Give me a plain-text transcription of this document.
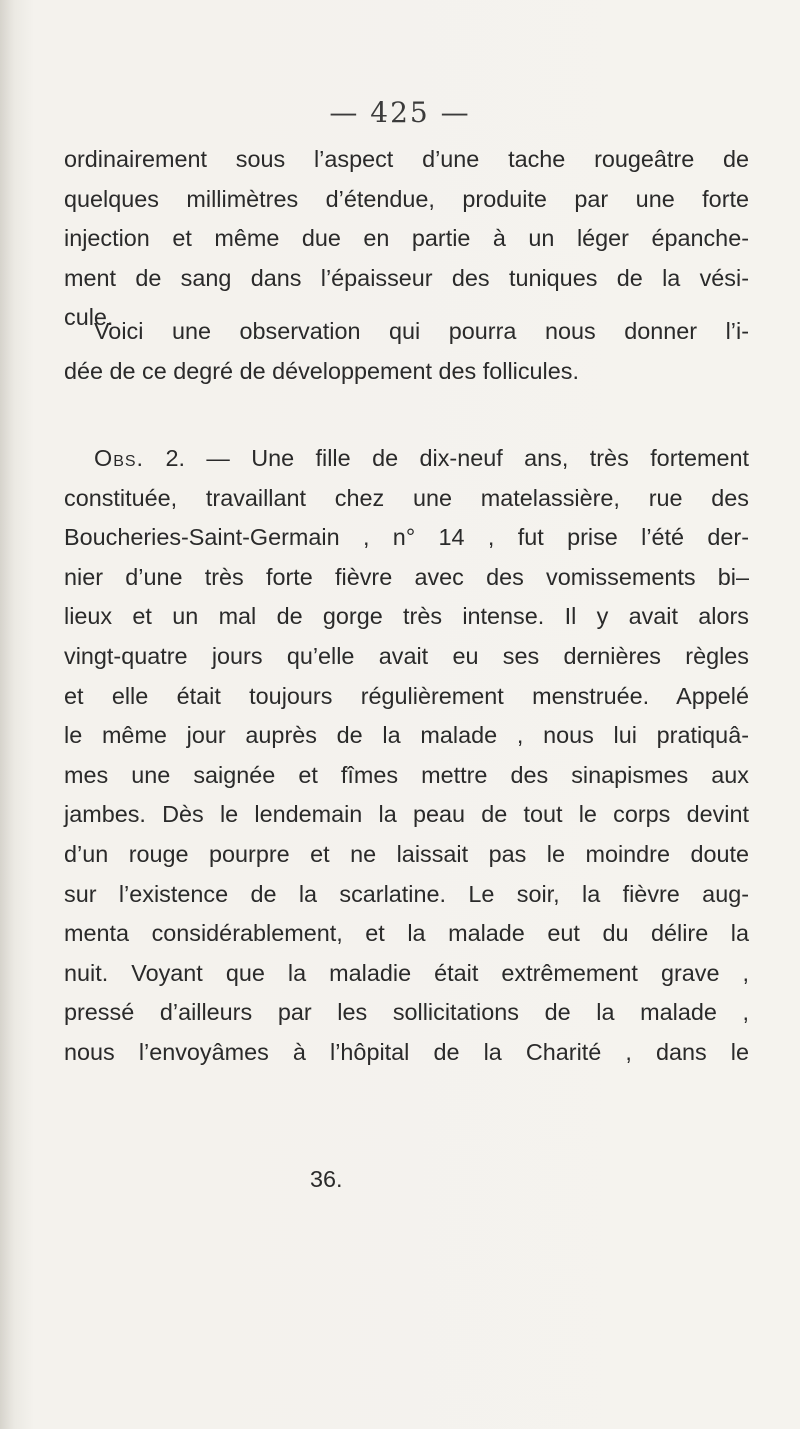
— 425 —
ordinairement sous l’aspect d’une tache rougeâtre de
quelques millimètres d’étendue, produite par une forte
injection et même due en partie à un léger épanche-
ment de sang dans l’épaisseur des tuniques de la vési-
cule.
Voici une observation qui pourra nous donner l’i-
dée de ce degré de développement des follicules.
Obs. 2. — Une fille de dix-neuf ans, très fortement
constituée, travaillant chez une matelassière, rue des
Boucheries-Saint-Germain , n° 14 , fut prise l’été der-
nier d’une très forte fièvre avec des vomissements bi–
lieux et un mal de gorge très intense. Il y avait alors
vingt-quatre jours qu’elle avait eu ses dernières règles
et elle était toujours régulièrement menstruée. Appelé
le même jour auprès de la malade , nous lui pratiquâ-
mes une saignée et fîmes mettre des sinapismes aux
jambes. Dès le lendemain la peau de tout le corps devint
d’un rouge pourpre et ne laissait pas le moindre doute
sur l’existence de la scarlatine. Le soir, la fièvre aug-
menta considérablement, et la malade eut du délire la
nuit. Voyant que la maladie était extrêmement grave ,
pressé d’ailleurs par les sollicitations de la malade ,
nous l’envoyâmes à l’hôpital de la Charité , dans le
36.
